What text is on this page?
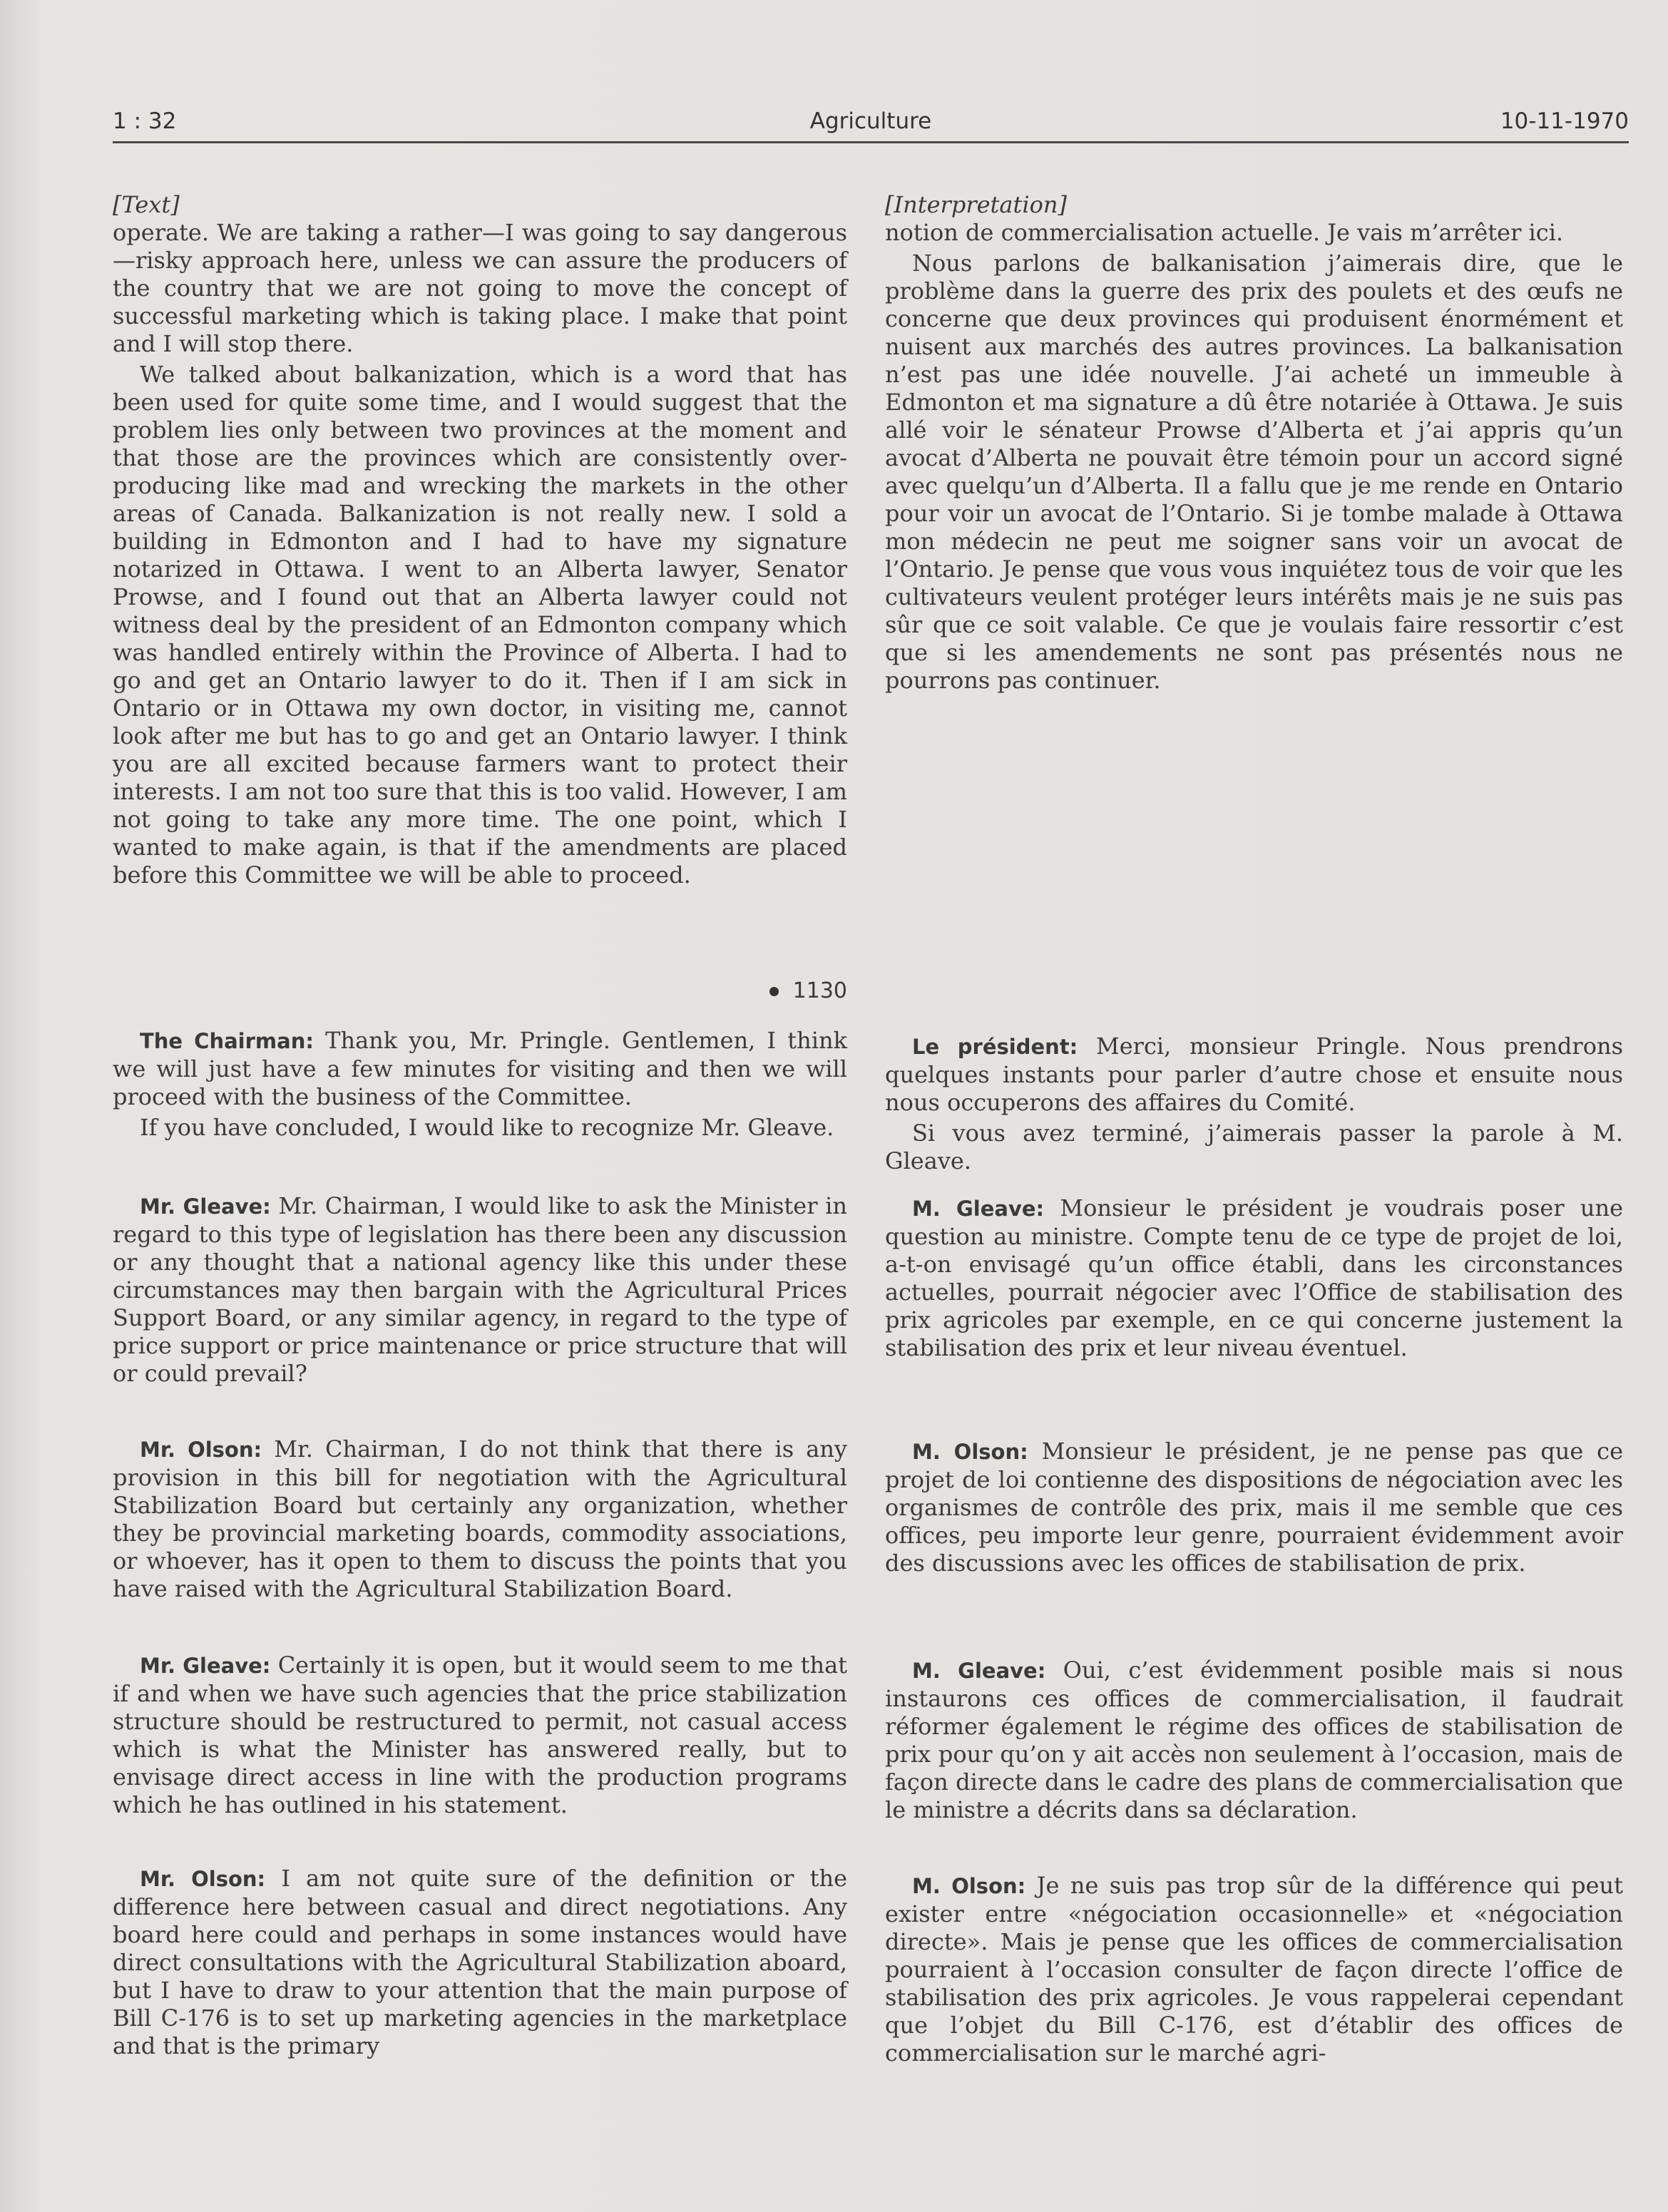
1 : 32	Agriculture	10-11-1970

[Text]

operate. We are taking a rather—I was going to say dangerous—risky approach here, unless we can assure the producers of the country that we are not going to move the concept of successful marketing which is taking place. I make that point and I will stop there.

We talked about balkanization, which is a word that has been used for quite some time, and I would suggest that the problem lies only between two provinces at the moment and that those are the provinces which are consistently over-producing like mad and wrecking the markets in the other areas of Canada. Balkanization is not really new. I sold a building in Edmonton and I had to have my signature notarized in Ottawa. I went to an Alberta lawyer, Senator Prowse, and I found out that an Alberta lawyer could not witness deal by the president of an Edmonton company which was handled entirely within the Province of Alberta. I had to go and get an Ontario lawyer to do it. Then if I am sick in Ontario or in Ottawa my own doctor, in visiting me, cannot look after me but has to go and get an Ontario lawyer. I think you are all excited because farmers want to protect their interests. I am not too sure that this is too valid. However, I am not going to take any more time. The one point, which I wanted to make again, is that if the amendments are placed before this Committee we will be able to proceed.

1130

The Chairman: Thank you, Mr. Pringle. Gentlemen, I think we will just have a few minutes for visiting and then we will proceed with the business of the Committee.

If you have concluded, I would like to recognize Mr. Gleave.

Mr. Gleave: Mr. Chairman, I would like to ask the Minister in regard to this type of legislation has there been any discussion or any thought that a national agency like this under these circumstances may then bargain with the Agricultural Prices Support Board, or any similar agency, in regard to the type of price support or price maintenance or price structure that will or could prevail?

Mr. Olson: Mr. Chairman, I do not think that there is any provision in this bill for negotiation with the Agricultural Stabilization Board but certainly any organization, whether they be provincial marketing boards, commodity associations, or whoever, has it open to them to discuss the points that you have raised with the Agricultural Stabilization Board.

Mr. Gleave: Certainly it is open, but it would seem to me that if and when we have such agencies that the price stabilization structure should be restructured to permit, not casual access which is what the Minister has answered really, but to envisage direct access in line with the production programs which he has outlined in his statement.

Mr. Olson: I am not quite sure of the definition or the difference here between casual and direct negotiations. Any board here could and perhaps in some instances would have direct consultations with the Agricultural Stabilization aboard, but I have to draw to your attention that the main purpose of Bill C-176 is to set up marketing agencies in the marketplace and that is the primary

[Interpretation]

notion de commercialisation actuelle. Je vais m’arrêter ici.

Nous parlons de balkanisation j’aimerais dire, que le problème dans la guerre des prix des poulets et des œufs ne concerne que deux provinces qui produisent énormément et nuisent aux marchés des autres provinces. La balkanisation n’est pas une idée nouvelle. J’ai acheté un immeuble à Edmonton et ma signature a dû être notariée à Ottawa. Je suis allé voir le sénateur Prowse d’Alberta et j’ai appris qu’un avocat d’Alberta ne pouvait être témoin pour un accord signé avec quelqu’un d’Alberta. Il a fallu que je me rende en Ontario pour voir un avocat de l’Ontario. Si je tombe malade à Ottawa mon médecin ne peut me soigner sans voir un avocat de l’Ontario. Je pense que vous vous inquiétez tous de voir que les cultivateurs veulent protéger leurs intérêts mais je ne suis pas sûr que ce soit valable. Ce que je voulais faire ressortir c’est que si les amendements ne sont pas présentés nous ne pourrons pas continuer.

Le président: Merci, monsieur Pringle. Nous prendrons quelques instants pour parler d’autre chose et ensuite nous nous occuperons des affaires du Comité.

Si vous avez terminé, j’aimerais passer la parole à M. Gleave.

M. Gleave: Monsieur le président je voudrais poser une question au ministre. Compte tenu de ce type de projet de loi, a-t-on envisagé qu’un office établi, dans les circonstances actuelles, pourrait négocier avec l’Office de stabilisation des prix agricoles par exemple, en ce qui concerne justement la stabilisation des prix et leur niveau éventuel.

M. Olson: Monsieur le président, je ne pense pas que ce projet de loi contienne des dispositions de négociation avec les organismes de contrôle des prix, mais il me semble que ces offices, peu importe leur genre, pourraient évidemment avoir des discussions avec les offices de stabilisation de prix.

M. Gleave: Oui, c’est évidemment posible mais si nous instaurons ces offices de commercialisation, il faudrait réformer également le régime des offices de stabilisation de prix pour qu’on y ait accès non seulement à l’occasion, mais de façon directe dans le cadre des plans de commercialisation que le ministre a décrits dans sa déclaration.

M. Olson: Je ne suis pas trop sûr de la différence qui peut exister entre «négociation occasionnelle» et «négociation directe». Mais je pense que les offices de commercialisation pourraient à l’occasion consulter de façon directe l’office de stabilisation des prix agricoles. Je vous rappelerai cependant que l’objet du Bill C-176, est d’établir des offices de commercialisation sur le marché agri-
